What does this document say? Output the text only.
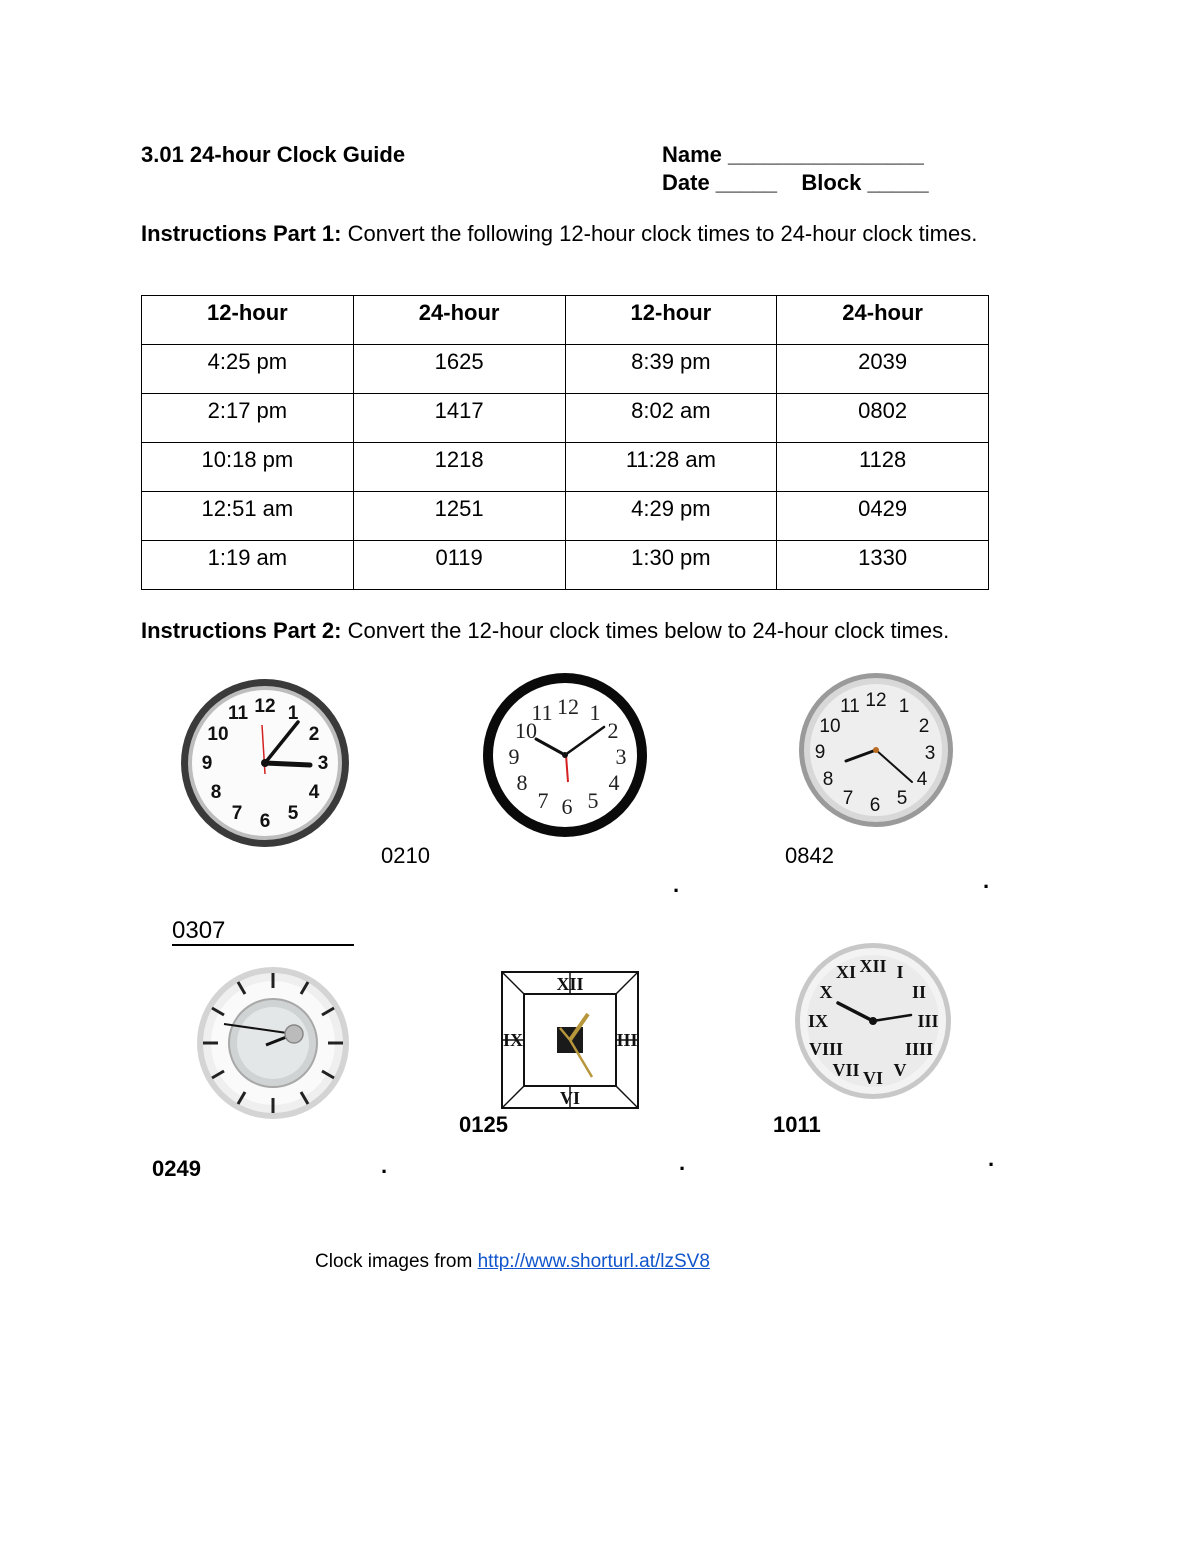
3.01 24-hour Clock Guide	Name ________________
Date _____    Block _____
Instructions Part 1: Convert the following 12-hour clock times to 24-hour clock times.
12-hour	24-hour	12-hour	24-hour
4:25 pm	1625	8:39 pm	2039
2:17 pm	1417	8:02 am	0802
10:18 pm	1218	11:28 am	1128
12:51 am	1251	4:29 pm	0429
1:19 am	0119	1:30 pm	1330
Instructions Part 2: Convert the 12-hour clock times below to 24-hour clock times.
12 1
2
3
4
5
6
7
8
9
10
11	12 1
2
3
4
5
6
7
8
9
10
11	12 1
2
3
4
5
6
7
8
9
10
11
0210	0842
.	.
0307
XII
III
VI
IX
XII I
II
III
IIII
V
VI
VII
VIII
IX
X
XI
0125	1011
0249	.	.	.
Clock images from http://www.shorturl.at/lzSV8
